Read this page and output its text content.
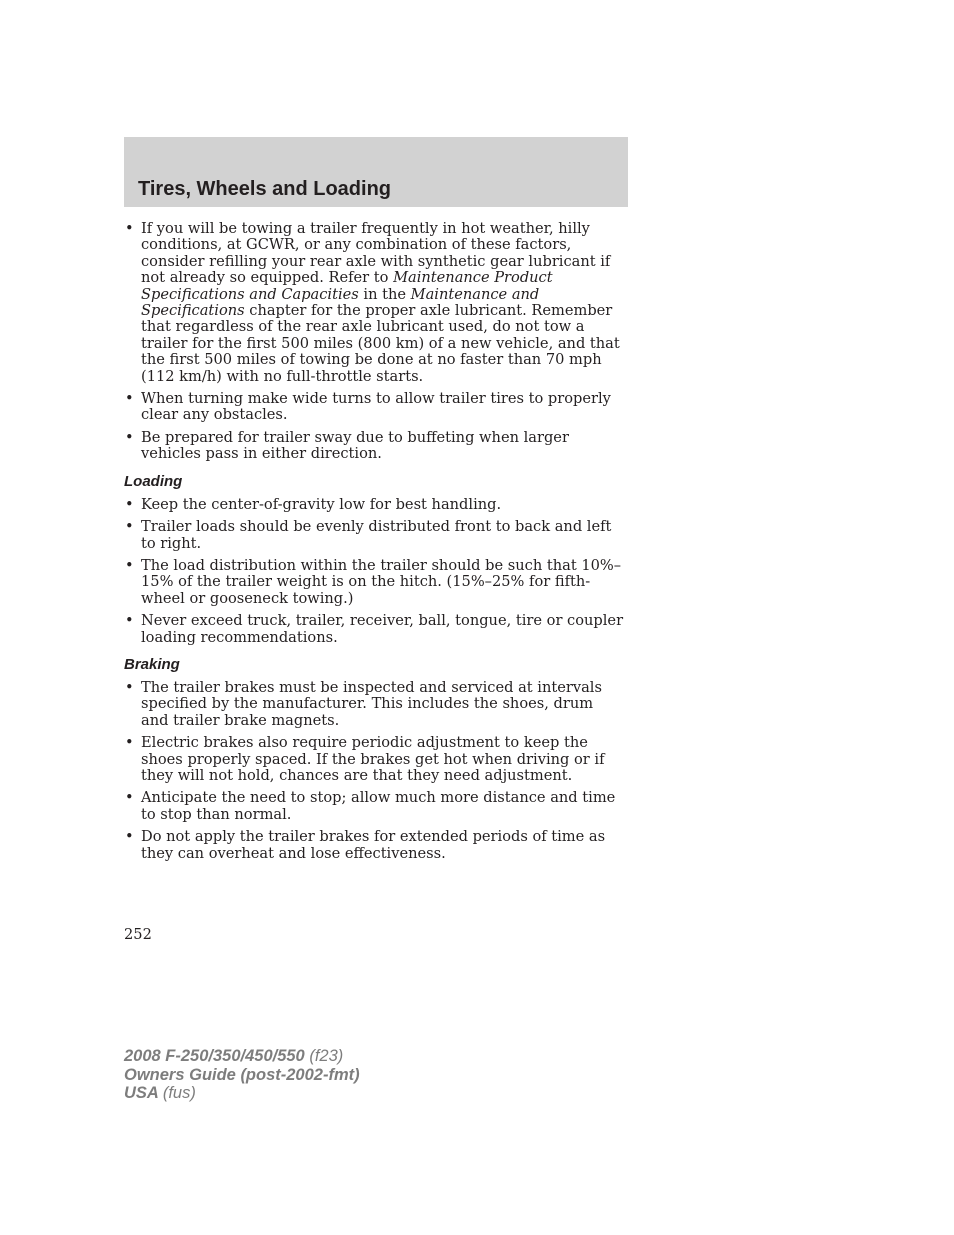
Tires, Wheels and Loading
• If you will be towing a trailer frequently in hot weather, hilly conditions, at GCWR, or any combination of these factors, consider refilling your rear axle with synthetic gear lubricant if not already so equipped. Refer to Maintenance Product Specifications and Capacities in the Maintenance and Specifications chapter for the proper axle lubricant. Remember that regardless of the rear axle lubricant used, do not tow a trailer for the first 500 miles (800 km) of a new vehicle, and that the first 500 miles of towing be done at no faster than 70 mph (112 km/h) with no full-throttle starts.
• When turning make wide turns to allow trailer tires to properly clear any obstacles.
• Be prepared for trailer sway due to buffeting when larger vehicles pass in either direction.
Loading
• Keep the center-of-gravity low for best handling.
• Trailer loads should be evenly distributed front to back and left to right.
• The load distribution within the trailer should be such that 10%–15% of the trailer weight is on the hitch. (15%–25% for fifth-wheel or gooseneck towing.)
• Never exceed truck, trailer, receiver, ball, tongue, tire or coupler loading recommendations.
Braking
• The trailer brakes must be inspected and serviced at intervals specified by the manufacturer. This includes the shoes, drum and trailer brake magnets.
• Electric brakes also require periodic adjustment to keep the shoes properly spaced. If the brakes get hot when driving or if they will not hold, chances are that they need adjustment.
• Anticipate the need to stop; allow much more distance and time to stop than normal.
• Do not apply the trailer brakes for extended periods of time as they can overheat and lose effectiveness.
252
2008 F-250/350/450/550 (f23)
Owners Guide (post-2002-fmt)
USA (fus)
